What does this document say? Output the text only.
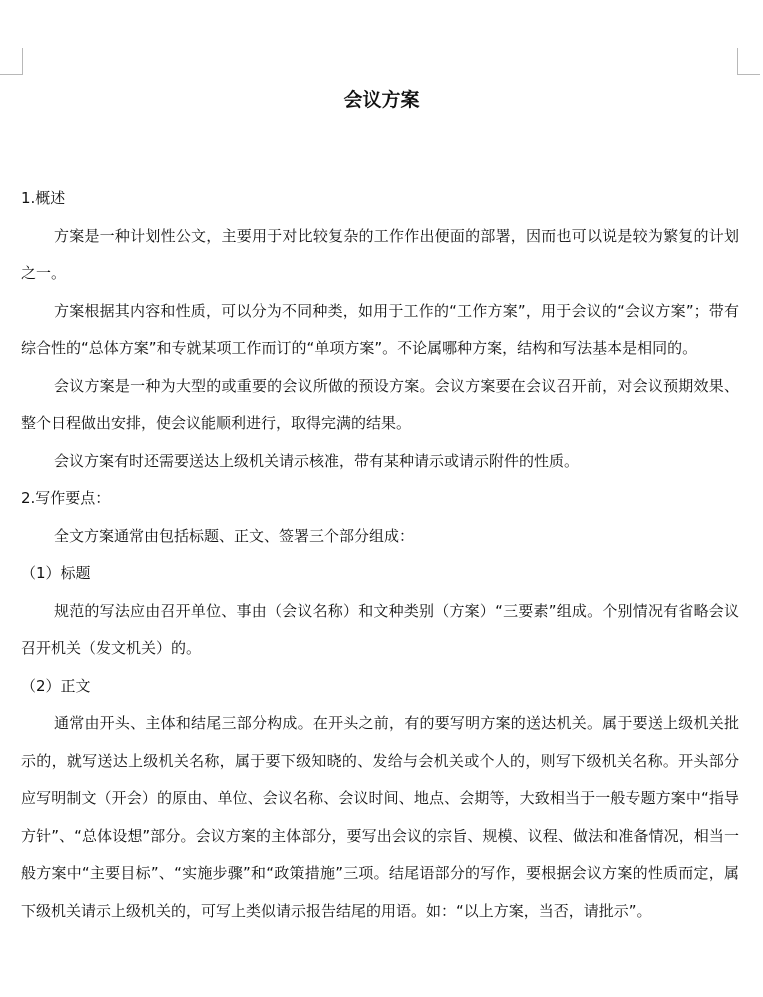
会议方案

1.概述

方案是一种计划性公文，主要用于对比较复杂的工作作出便面的部署，因而也可以说是较为繁复的计划之一。

方案根据其内容和性质，可以分为不同种类，如用于工作的“工作方案”，用于会议的“会议方案”；带有综合性的“总体方案”和专就某项工作而订的“单项方案”。不论属哪种方案，结构和写法基本是相同的。

会议方案是一种为大型的或重要的会议所做的预设方案。会议方案要在会议召开前，对会议预期效果、整个日程做出安排，使会议能顺利进行，取得完满的结果。

会议方案有时还需要送达上级机关请示核准，带有某种请示或请示附件的性质。

2.写作要点：

全文方案通常由包括标题、正文、签署三个部分组成：

（1）标题

规范的写法应由召开单位、事由（会议名称）和文种类别（方案）“三要素”组成。个别情况有省略会议召开机关（发文机关）的。

（2）正文

通常由开头、主体和结尾三部分构成。在开头之前，有的要写明方案的送达机关。属于要送上级机关批示的，就写送达上级机关名称，属于要下级知晓的、发给与会机关或个人的，则写下级机关名称。开头部分应写明制文（开会）的原由、单位、会议名称、会议时间、地点、会期等，大致相当于一般专题方案中“指导方针”、“总体设想”部分。会议方案的主体部分，要写出会议的宗旨、规模、议程、做法和准备情况，相当一般方案中“主要目标”、“实施步骤”和“政策措施”三项。结尾语部分的写作，要根据会议方案的性质而定，属下级机关请示上级机关的，可写上类似请示报告结尾的用语。如：“以上方案，当否，请批示”。
